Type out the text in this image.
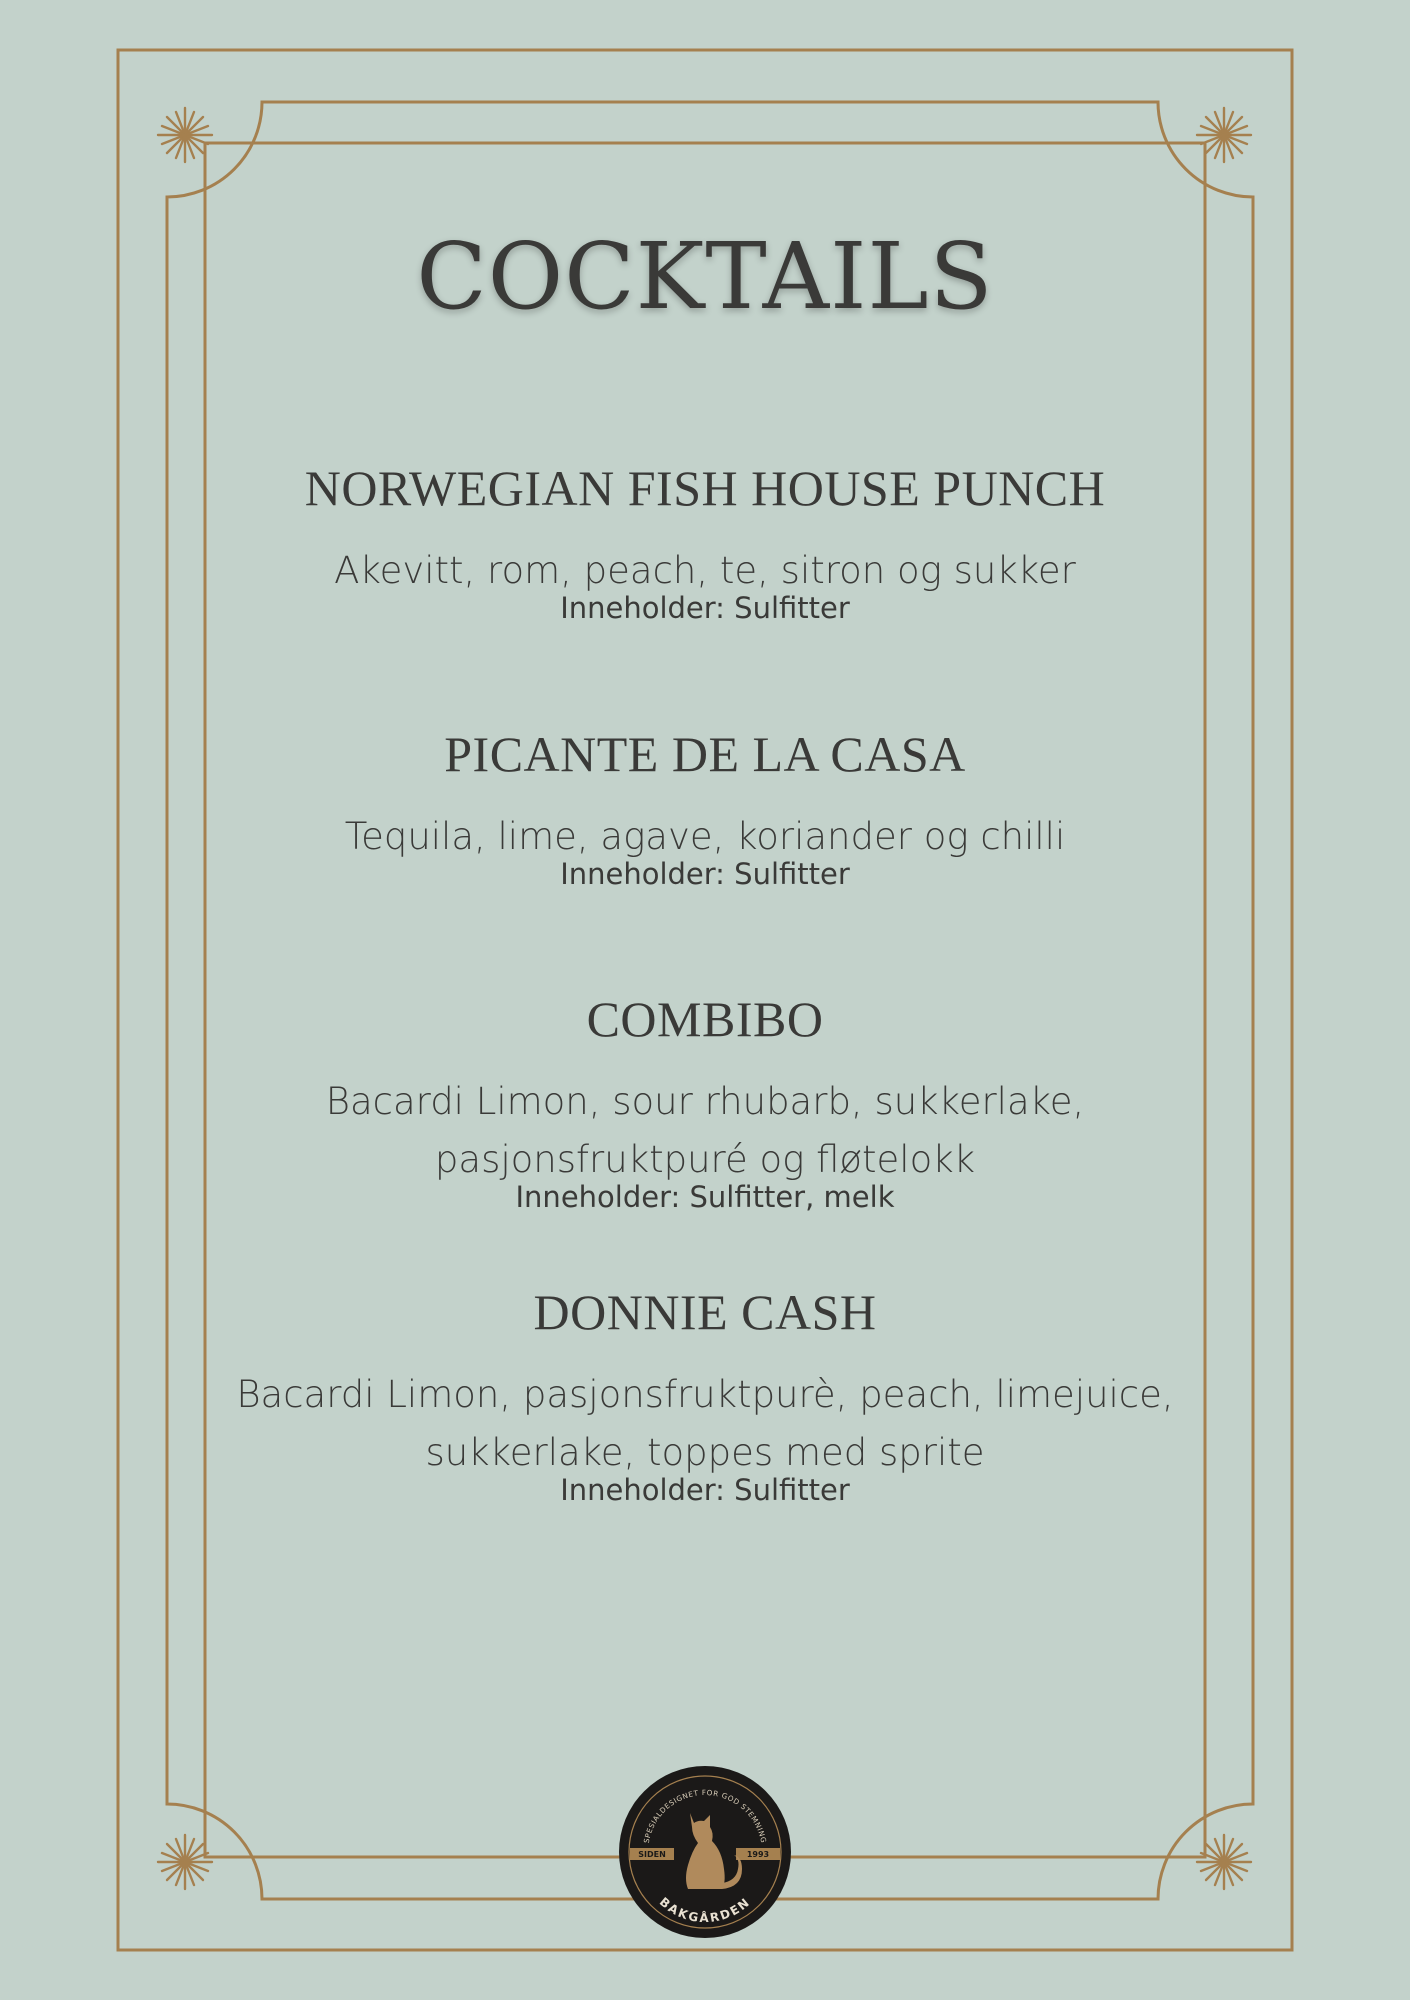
COCKTAILS
NORWEGIAN FISH HOUSE PUNCH
Akevitt, rom, peach, te, sitron og sukker
Inneholder: Sulfitter
PICANTE DE LA CASA
Tequila, lime, agave, koriander og chilli
Inneholder: Sulfitter
COMBIBO
Bacardi Limon, sour rhubarb, sukkerlake,
pasjonsfruktpuré og fløtelokk
Inneholder: Sulfitter, melk
DONNIE CASH
Bacardi Limon, pasjonsfruktpurè, peach, limejuice,
sukkerlake, toppes med sprite
Inneholder: Sulfitter
SPESIALDESIGNET FOR GOD STEMNING
SIDEN	1993
BAKGÅRDEN
